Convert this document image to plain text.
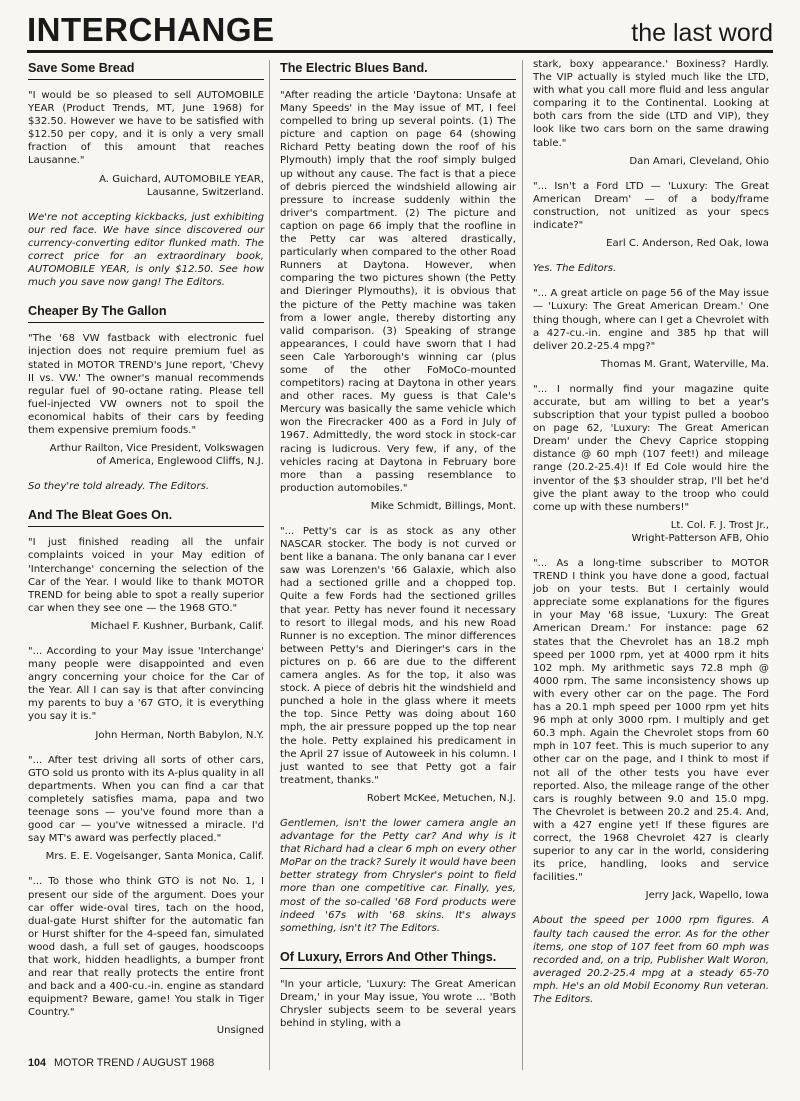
INTERCHANGE	the last word
Save Some Bread

"I would be so pleased to sell AUTOMOBILE YEAR (Product Trends, MT, June 1968) for $32.50. However we have to be satisfied with $12.50 per copy, and it is only a very small fraction of this amount that reaches Lausanne."

A. Guichard, AUTOMOBILE YEAR,
Lausanne, Switzerland.
We're not accepting kickbacks, just exhibiting our red face. We have since discovered our currency-converting editor flunked math. The correct price for an extraordinary book, AUTOMOBILE YEAR, is only $12.50. See how much you save now gang! The Editors.
Cheaper By The Gallon

"The '68 VW fastback with electronic fuel injection does not require premium fuel as stated in MOTOR TREND's June report, 'Chevy II vs. VW.' The owner's manual recommends regular fuel of 90-octane rating. Please tell fuel-injected VW owners not to spoil the economical habits of their cars by feeding them expensive premium foods."

Arthur Railton, Vice President, Volkswagen
of America, Englewood Cliffs, N.J.
So they're told already. The Editors.
And The Bleat Goes On.

"I just finished reading all the unfair complaints voiced in your May edition of 'Interchange' concerning the selection of the Car of the Year. I would like to thank MOTOR TREND for being able to spot a really superior car when they see one — the 1968 GTO."

Michael F. Kushner, Burbank, Calif.

"... According to your May issue 'Interchange' many people were disappointed and even angry concerning your choice for the Car of the Year. All I can say is that after convincing my parents to buy a '67 GTO, it is everything you say it is."

John Herman, North Babylon, N.Y.

"... After test driving all sorts of other cars, GTO sold us pronto with its A-plus quality in all departments. When you can find a car that completely satisfies mama, papa and two teenage sons — you've found more than a good car — you've witnessed a miracle. I'd say MT's award was perfectly placed."

Mrs. E. E. Vogelsanger, Santa Monica, Calif.

"... To those who think GTO is not No. 1, I present our side of the argument. Does your car offer wide-oval tires, tach on the hood, dual-gate Hurst shifter for the automatic fan or Hurst shifter for the 4-speed fan, simulated wood dash, a full set of gauges, hoodscoops that work, hidden headlights, a bumper front and rear that really protects the entire front and back and a 400-cu.-in. engine as standard equipment? Beware, game! You stalk in Tiger Country."

Unsigned
The Electric Blues Band.

"After reading the article 'Daytona: Unsafe at Many Speeds' in the May issue of MT, I feel compelled to bring up several points. (1) The picture and caption on page 64 (showing Richard Petty beating down the roof of his Plymouth) imply that the roof simply bulged up without any cause. The fact is that a piece of debris pierced the windshield allowing air pressure to increase suddenly within the driver's compartment. (2) The picture and caption on page 66 imply that the roofline in the Petty car was altered drastically, particularly when compared to the other Road Runners at Daytona. However, when comparing the two pictures shown (the Petty and Dieringer Plymouths), it is obvious that the picture of the Petty machine was taken from a lower angle, thereby distorting any valid comparison. (3) Speaking of strange appearances, I could have sworn that I had seen Cale Yarborough's winning car (plus some of the other FoMoCo-mounted competitors) racing at Daytona in other years and other races. My guess is that Cale's Mercury was basically the same vehicle which won the Firecracker 400 as a Ford in July of 1967. Admittedly, the word stock in stock-car racing is ludicrous. Very few, if any, of the vehicles racing at Daytona in February bore more than a passing resemblance to production automobiles."

Mike Schmidt, Billings, Mont.

"... Petty's car is as stock as any other NASCAR stocker. The body is not curved or bent like a banana. The only banana car I ever saw was Lorenzen's '66 Galaxie, which also had a sectioned grille and a chopped top. Quite a few Fords had the sectioned grilles that year. Petty has never found it necessary to resort to illegal mods, and his new Road Runner is no exception. The minor differences between Petty's and Dieringer's cars in the pictures on p. 66 are due to the different camera angles. As for the top, it also was stock. A piece of debris hit the windshield and punched a hole in the glass where it meets the top. Since Petty was doing about 160 mph, the air pressure popped up the top near the hole. Petty explained his predicament in the April 27 issue of Autoweek in his column. I just wanted to see that Petty got a fair treatment, thanks."

Robert McKee, Metuchen, N.J.
Gentlemen, isn't the lower camera angle an advantage for the Petty car? And why is it that Richard had a clear 6 mph on every other MoPar on the track? Surely it would have been better strategy from Chrysler's point to field more than one competitive car. Finally, yes, most of the so-called '68 Ford products were indeed '67s with '68 skins. It's always something, isn't it? The Editors.
Of Luxury, Errors And Other Things.

"In your article, 'Luxury: The Great American Dream,' in your May issue, You wrote ... 'Both Chrysler subjects seem to be several years behind in styling, with a

stark, boxy appearance.' Boxiness? Hardly. The VIP actually is styled much like the LTD, with what you call more fluid and less angular comparing it to the Continental. Looking at both cars from the side (LTD and VIP), they look like two cars born on the same drawing table."

Dan Amari, Cleveland, Ohio

"... Isn't a Ford LTD — 'Luxury: The Great American Dream' — of a body/frame construction, not unitized as your specs indicate?"

Earl C. Anderson, Red Oak, Iowa
Yes. The Editors.

"... A great article on page 56 of the May issue — 'Luxury: The Great American Dream.' One thing though, where can I get a Chevrolet with a 427-cu.-in. engine and 385 hp that will deliver 20.2-25.4 mpg?"

Thomas M. Grant, Waterville, Ma.

"... I normally find your magazine quite accurate, but am willing to bet a year's subscription that your typist pulled a booboo on page 62, 'Luxury: The Great American Dream' under the Chevy Caprice stopping distance @ 60 mph (107 feet!) and mileage range (20.2-25.4)! If Ed Cole would hire the inventor of the $3 shoulder strap, I'll bet he'd give the plant away to the troop who could come up with these numbers!"

Lt. Col. F. J. Trost Jr.,
Wright-Patterson AFB, Ohio

"... As a long-time subscriber to MOTOR TREND I think you have done a good, factual job on your tests. But I certainly would appreciate some explanations for the figures in your May '68 issue, 'Luxury: The Great American Dream.' For instance: page 62 states that the Chevrolet has an 18.2 mph speed per 1000 rpm, yet at 4000 rpm it hits 102 mph. My arithmetic says 72.8 mph @ 4000 rpm. The same inconsistency shows up with every other car on the page. The Ford has a 20.1 mph speed per 1000 rpm yet hits 96 mph at only 3000 rpm. I multiply and get 60.3 mph. Again the Chevrolet stops from 60 mph in 107 feet. This is much superior to any other car on the page, and I think to most if not all of the other tests you have ever reported. Also, the mileage range of the other cars is roughly between 9.0 and 15.0 mpg. The Chevrolet is between 20.2 and 25.4. And, with a 427 engine yet! If these figures are correct, the 1968 Chevrolet 427 is clearly superior to any car in the world, considering its price, handling, looks and service facilities."

Jerry Jack, Wapello, Iowa
About the speed per 1000 rpm figures. A faulty tach caused the error. As for the other items, one stop of 107 feet from 60 mph was recorded and, on a trip, Publisher Walt Woron, averaged 20.2-25.4 mpg at a steady 65-70 mph. He's an old Mobil Economy Run veteran. The Editors.
104 MOTOR TREND / AUGUST 1968
